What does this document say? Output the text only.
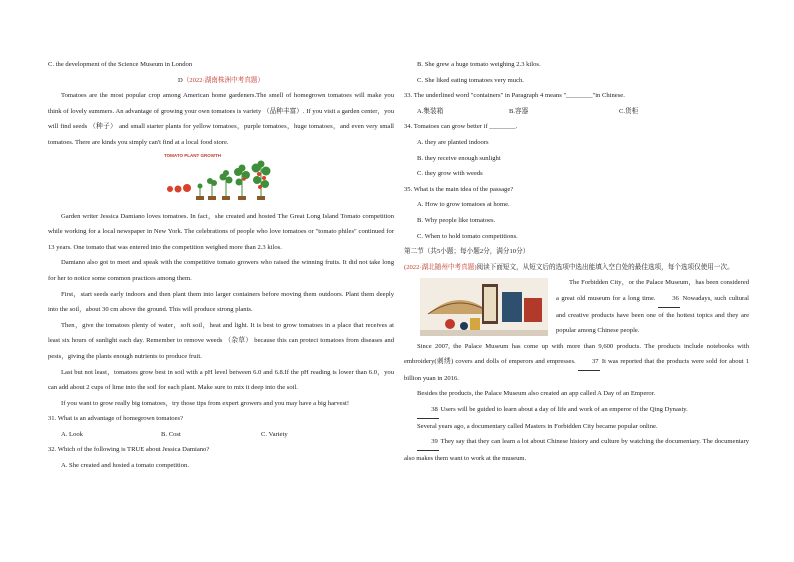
C. the development of the Science Museum in London

D（2022·湖南株洲中考真题）

Tomatoes are the most popular crop among American home gardeners.The smell of homegrown tomatoes will make you think of lovely summers. An advantage of growing your own tomatoes is variety （品种丰富）. If you visit a garden center，you will find seeds （种子） and small starter plants for yellow tomatoes，purple tomatoes，huge tomatoes，and even very small tomatoes. There are kinds you simply can't find at a local food store.

TOMATO PLANT GROWTH

Garden writer Jessica Damiano loves tomatoes. In fact，she created and hosted The Great Long Island Tomato competition while working for a local newspaper in New York. The celebrations of people who love tomatoes or "tomato philes" continued for 13 years. One tomato that was entered into the competition weighed more than 2.3 kilos.

Damiano also got to meet and speak with the competitive tomato growers who raised the winning fruits. It did not take long for her to notice some common practices among them.

First，start seeds early indoors and then plant them into larger containers before moving them outdoors. Plant them deeply into the soil，about 30 cm above the ground. This will produce strong plants.

Then，give the tomatoes plenty of water，soft soil，heat and light. It is best to grow tomatoes in a place that receives at least six hours of sunlight each day. Remember to remove weeds （杂草） because this can protect tomatoes from diseases and pests，giving the plants enough nutrients to produce fruit.

Last but not least，tomatoes grow best in soil with a pH level between 6.0 and 6.8.If the pH reading is lower than 6.0，you can add about 2 cups of lime into the soil for each plant. Make sure to mix it deep into the soil.

If you want to grow really big tomatoes，try those tips from expert growers and you may have a big harvest!

31. What is an advantage of homegrown tomatoes?

A. Look	B. Cost	C. Variety

32. Which of the following is TRUE about Jessica Damiano?

A. She created and hosted a tomato competition.

B. She grew a huge tomato weighing 2.3 kilos.

C. She liked eating tomatoes very much.

33. The underlined word "containers" in Paragraph 4 means "________"in Chinese.

A.集装箱	B.容器	C.货柜

34. Tomatoes can grow better if ________.

A. they are planted indoors

B. they receive enough sunlight

C. they grow with weeds

35. What is the main idea of the passage?

A. How to grow tomatoes at home.

B. Why people like tomatoes.

C. When to hold tomato competitions.

第二节（共5小题；每小题2分，满分10分）

(2022·湖北随州中考真题)阅读下面短文，从短文后的选项中选出能填入空白处的最佳选项，每个选项仅使用一次。

The Forbidden City，or the Palace Museum，has been considered a great old museum for a long time.	36 Nowadays, such cultural and creative products have been one of the hottest topics and they are popular among Chinese people.

Since 2007, the Palace Museum has come up with more than 9,600 products. The products include notebooks with embroidery(刺绣) covers and dolls of emperors and empresses. 37 It was reported that the products were sold for about 1 billion yuan in 2016.

Besides the products, the Palace Museum also created an app called A Day of an Emperor.

38 Users will be guided to learn about a day of life and work of an emperor of the Qing Dynasty.

Several years ago, a documentary called Masters in Forbidden City became popular online.

39 They say that they can learn a lot about Chinese history and culture by watching the documentary. The documentary also makes them want to work at the museum.
